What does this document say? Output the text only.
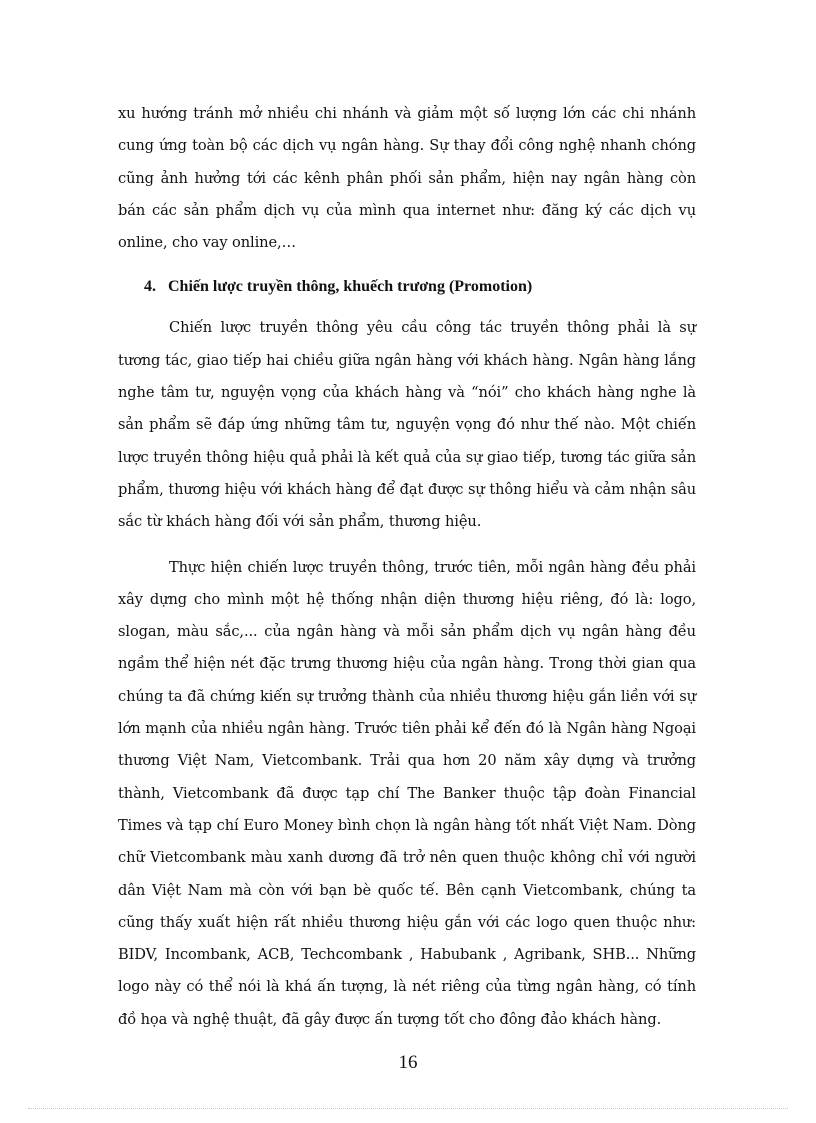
xu hướng tránh mở nhiều chi nhánh và giảm một số lượng lớn các chi nhánh cung ứng toàn bộ các dịch vụ ngân hàng. Sự thay đổi công nghệ nhanh chóng cũng ảnh hưởng tới các kênh phân phối sản phẩm, hiện nay ngân hàng còn bán các sản phẩm dịch vụ của mình qua internet như: đăng ký các dịch vụ online, cho vay online,…

4. Chiến lược truyền thông, khuếch trương (Promotion)

Chiến lược truyền thông yêu cầu công tác truyền thông phải là sự tương tác, giao tiếp hai chiều giữa ngân hàng với khách hàng. Ngân hàng lắng nghe tâm tư, nguyện vọng của khách hàng và “nói” cho khách hàng nghe là sản phẩm sẽ đáp ứng những tâm tư, nguyện vọng đó như thế nào. Một chiến lược truyền thông hiệu quả phải là kết quả của sự giao tiếp, tương tác giữa sản phẩm, thương hiệu với khách hàng để đạt được sự thông hiểu và cảm nhận sâu sắc từ khách hàng đối với sản phẩm, thương hiệu.

Thực hiện chiến lược truyền thông, trước tiên, mỗi ngân hàng đều phải xây dựng cho mình một hệ thống nhận diện thương hiệu riêng, đó là: logo, slogan, màu sắc,... của ngân hàng và mỗi sản phẩm dịch vụ ngân hàng đều ngầm thể hiện nét đặc trưng thương hiệu của ngân hàng. Trong thời gian qua chúng ta đã chứng kiến sự trưởng thành của nhiều thương hiệu gắn liền với sự lớn mạnh của nhiều ngân hàng. Trước tiên phải kể đến đó là Ngân hàng Ngoại thương Việt Nam, Vietcombank. Trải qua hơn 20 năm xây dựng và trưởng thành, Vietcombank đã được tạp chí The Banker thuộc tập đoàn Financial Times và tạp chí Euro Money bình chọn là ngân hàng tốt nhất Việt Nam. Dòng chữ Vietcombank màu xanh dương đã trở nên quen thuộc không chỉ với người dân Việt Nam mà còn với bạn bè quốc tế. Bên cạnh Vietcombank, chúng ta cũng thấy xuất hiện rất nhiều thương hiệu gắn với các logo quen thuộc như: BIDV, Incombank, ACB, Techcombank , Habubank , Agribank, SHB... Những logo này có thể nói là khá ấn tượng, là nét riêng của từng ngân hàng, có tính đồ họa và nghệ thuật, đã gây được ấn tượng tốt cho đông đảo khách hàng.

16
